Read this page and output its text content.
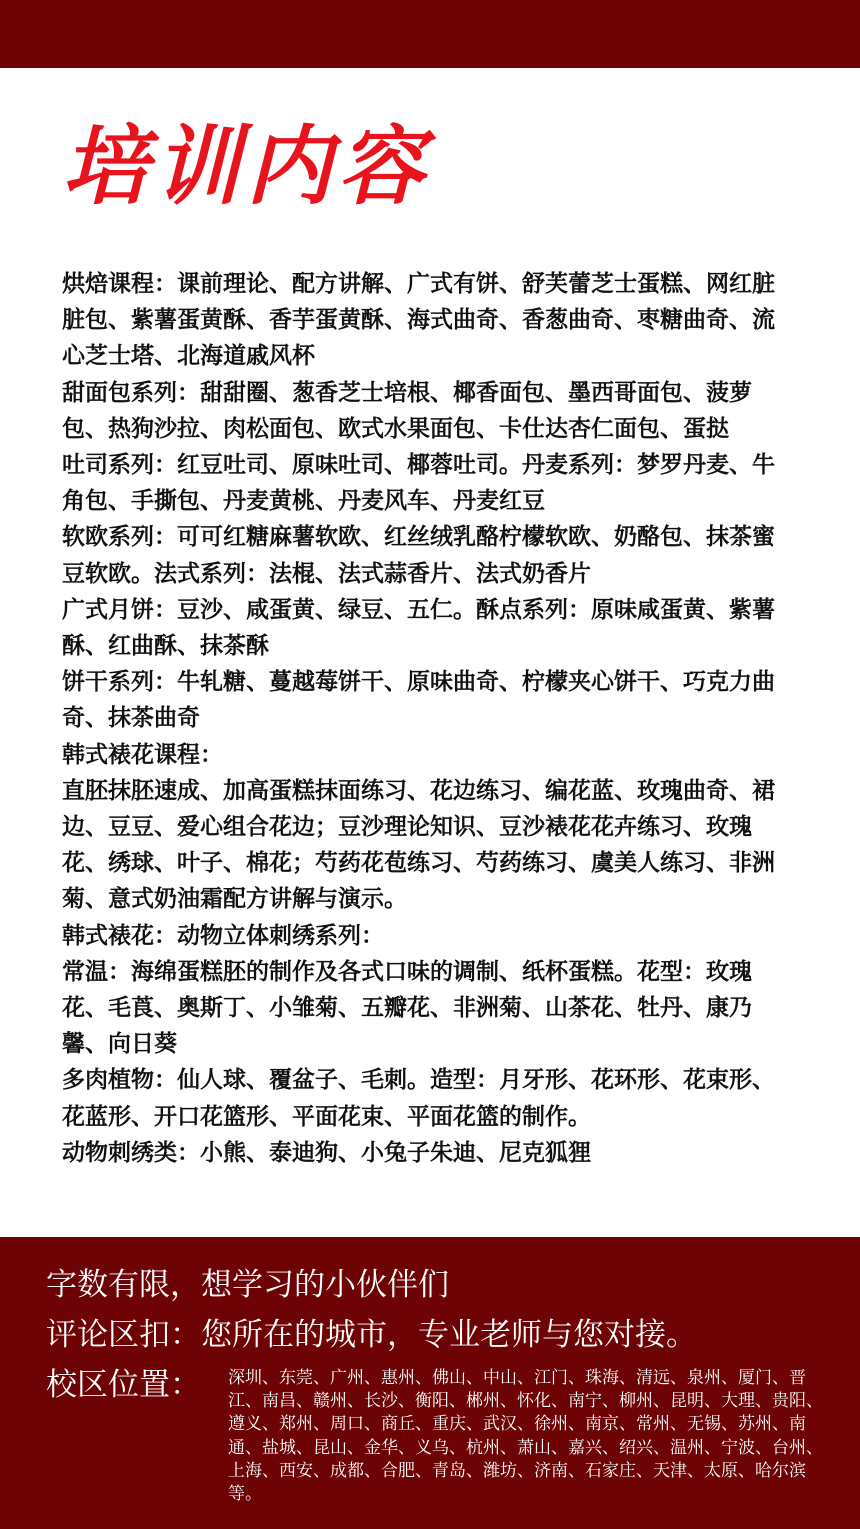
培训内容

烘焙课程：课前理论、配方讲解、广式有饼、舒芙蕾芝士蛋糕、网红脏脏包、紫薯蛋黄酥、香芋蛋黄酥、海式曲奇、香葱曲奇、枣糖曲奇、流心芝士塔、北海道戚风杯

甜面包系列：甜甜圈、葱香芝士培根、椰香面包、墨西哥面包、菠萝包、热狗沙拉、肉松面包、欧式水果面包、卡仕达杏仁面包、蛋挞

吐司系列：红豆吐司、原味吐司、椰蓉吐司。丹麦系列：梦罗丹麦、牛角包、手撕包、丹麦黄桃、丹麦风车、丹麦红豆

软欧系列：可可红糖麻薯软欧、红丝绒乳酪柠檬软欧、奶酪包、抹茶蜜豆软欧。法式系列：法棍、法式蒜香片、法式奶香片

广式月饼：豆沙、咸蛋黄、绿豆、五仁。酥点系列：原味咸蛋黄、紫薯酥、红曲酥、抹茶酥

饼干系列：牛轧糖、蔓越莓饼干、原味曲奇、柠檬夹心饼干、巧克力曲奇、抹茶曲奇

韩式裱花课程：

直胚抹胚速成、加高蛋糕抹面练习、花边练习、编花蓝、玫瑰曲奇、裙边、豆豆、爱心组合花边；豆沙理论知识、豆沙裱花花卉练习、玫瑰花、绣球、叶子、棉花；芍药花苞练习、芍药练习、虞美人练习、非洲菊、意式奶油霜配方讲解与演示。

韩式裱花：动物立体刺绣系列：

常温：海绵蛋糕胚的制作及各式口味的调制、纸杯蛋糕。花型：玫瑰花、毛莨、奥斯丁、小雏菊、五瓣花、非洲菊、山茶花、牡丹、康乃馨、向日葵

多肉植物：仙人球、覆盆子、毛刺。造型：月牙形、花环形、花束形、花蓝形、开口花篮形、平面花束、平面花篮的制作。

动物刺绣类：小熊、泰迪狗、小兔子朱迪、尼克狐狸

字数有限，想学习的小伙伴们

评论区扣：您所在的城市，专业老师与您对接。

校区位置： 深圳、东莞、广州、惠州、佛山、中山、江门、珠海、清远、泉州、厦门、晋江、南昌、赣州、长沙、衡阳、郴州、怀化、南宁、柳州、昆明、大理、贵阳、遵义、郑州、周口、商丘、重庆、武汉、徐州、南京、常州、无锡、苏州、南通、盐城、昆山、金华、义乌、杭州、萧山、嘉兴、绍兴、温州、宁波、台州、上海、西安、成都、合肥、青岛、潍坊、济南、石家庄、天津、太原、哈尔滨等。
